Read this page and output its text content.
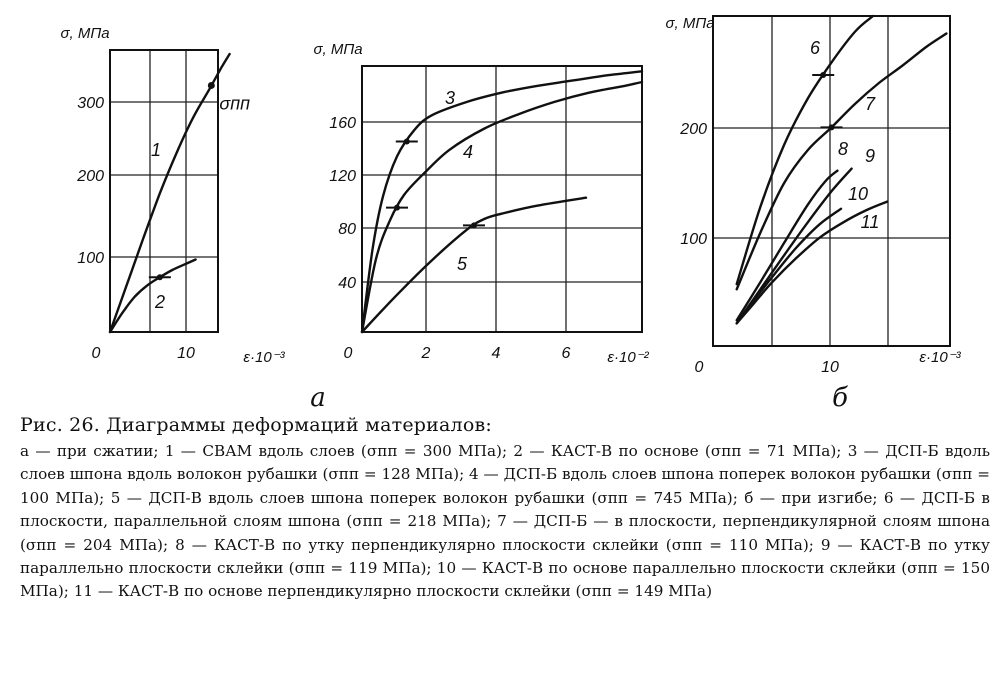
100
200
300
10
0
σ, МПа
ε·10⁻³
1
2
σпп
40
80
120
160
2	4	6
0
σ, МПа
ε·10⁻²
3
4
5
100
200
10
0
σ, МПа
ε·10⁻³
6
7
8 9
10
11
а	б

Рис. 26. Диаграммы деформаций материалов:

а — при сжатии; 1 — СВАМ вдоль слоев (σпп = 300 МПа); 2 — КАСТ-В по основе (σпп = 71 МПа); 3 — ДСП-Б вдоль слоев шпона вдоль волокон рубашки (σпп = 128 МПа); 4 — ДСП-Б вдоль слоев шпона поперек волокон рубашки (σпп = 100 МПа); 5 — ДСП-В вдоль слоев шпона поперек волокон рубашки (σпп = 745 МПа); б — при изгибе; 6 — ДСП-Б в плоскости, параллельной слоям шпона (σпп = 218 МПа); 7 — ДСП-Б — в плоскости, перпендикулярной слоям шпона (σпп = 204 МПа); 8 — КАСТ-В по утку перпендикулярно плоскости склейки (σпп = 110 МПа); 9 — КАСТ-В по утку параллельно плоскости склейки (σпп = 119 МПа); 10 — КАСТ-В по основе параллельно плоскости склейки (σпп = 150 МПа); 11 — КАСТ-В по основе перпендикулярно плоскости склейки (σпп = 149 МПа)
